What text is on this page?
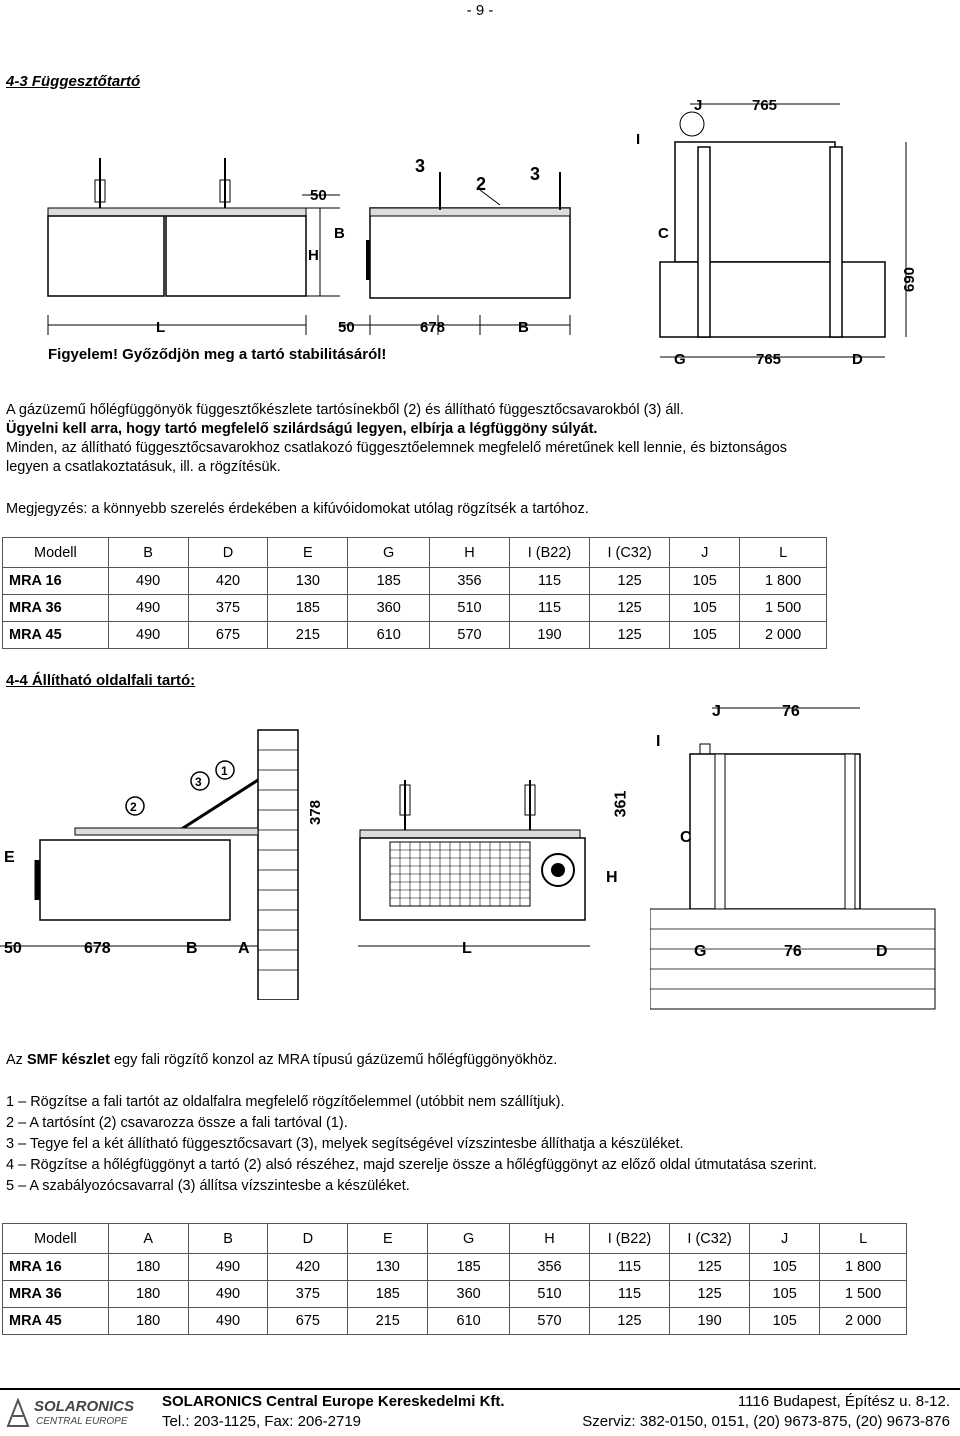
- 9 -
4-3 Függesztőtartó
50
H
L
3
2 3
B
50	678	B
J	765
I
C
690
G	765	D
Figyelem! Győződjön meg a tartó stabilitásáról!
A gázüzemű hőlégfüggönyök függesztőkészlete tartósínekből (2) és állítható függesztőcsavarokból (3) áll.
Ügyelni kell arra, hogy tartó megfelelő szilárdságú legyen, elbírja a légfüggöny súlyát.
Minden, az állítható függesztőcsavarokhoz csatlakozó függesztőelemnek megfelelő méretűnek kell lennie, és biztonságos
legyen a csatlakoztatásuk, ill. a rögzítésük.
Megjegyzés: a könnyebb szerelés érdekében a kifúvóidomokat utólag rögzítsék a tartóhoz.
Modell	B	D	E	G	H	I (B22)	I (C32)	J	L
MRA 16	490	420	130	185	356	115	125	105	1 800
MRA 36	490	375	185	360	510	115	125	105	1 500
MRA 45	490	675	215	610	570	190	125	105	2 000
4-4 Állítható oldalfali tartó:
2
3
1
378
E
50	678	B	A	L
J	76
I
C
G	76	D
361
H
Az SMF készlet egy fali rögzítő konzol az MRA típusú gázüzemű hőlégfüggönyökhöz.
1 – Rögzítse a fali tartót az oldalfalra megfelelő rögzítőelemmel (utóbbit nem szállítjuk).
2 – A tartósínt (2) csavarozza össze a fali tartóval (1).
3 – Tegye fel a két állítható függesztőcsavart (3), melyek segítségével vízszintesbe állíthatja a készüléket.
4 – Rögzítse a hőlégfüggönyt a tartó (2) alsó részéhez, majd szerelje össze a hőlégfüggönyt az előző oldal útmutatása szerint.
5 – A szabályozócsavarral (3) állítsa vízszintesbe a készüléket.
Modell	A	B	D	E	G	H	I (B22)	I (C32)	J	L
MRA 16	180	490	420	130	185	356	115	125	105	1 800
MRA 36	180	490	375	185	360	510	115	125	105	1 500
MRA 45	180	490	675	215	610	570	125	190	105	2 000
SOLARONICS
CENTRAL EUROPE
SOLARONICS Central Europe Kereskedelmi Kft.	1116 Budapest, Építész u. 8-12.
Tel.: 203-1125, Fax: 206-2719	Szerviz: 382-0150, 0151, (20) 9673-875, (20) 9673-876
